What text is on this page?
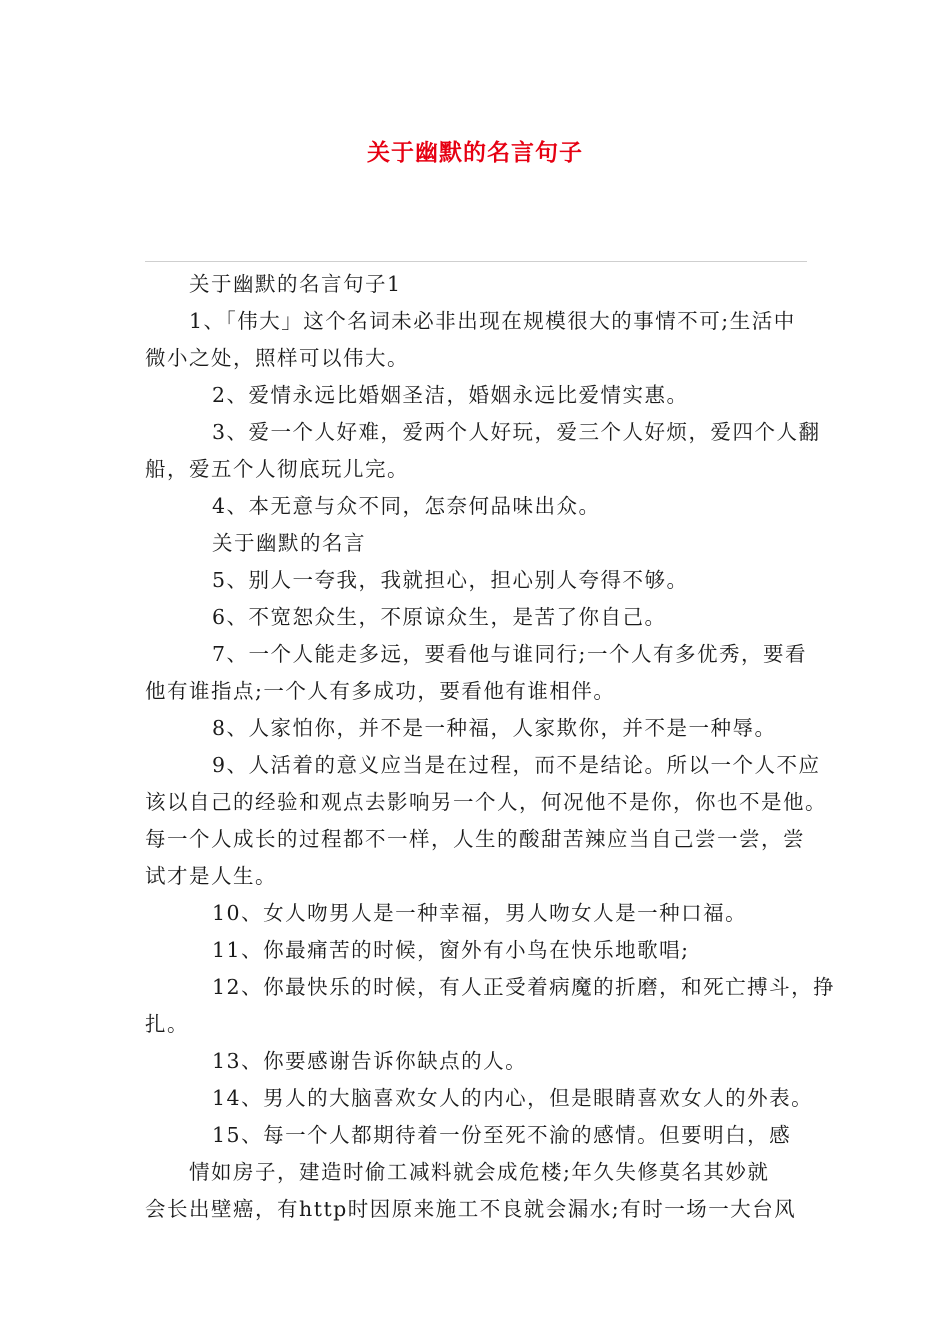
关于幽默的名言句子
关于幽默的名言句子1
1、「伟大」这个名词未必非出现在规模很大的事情不可;生活中
微小之处，照样可以伟大。
2、爱情永远比婚姻圣洁，婚姻永远比爱情实惠。
3、爱一个人好难，爱两个人好玩，爱三个人好烦，爱四个人翻
船，爱五个人彻底玩儿完。
4、本无意与众不同，怎奈何品味出众。
关于幽默的名言
5、别人一夸我，我就担心，担心别人夸得不够。
6、不宽恕众生，不原谅众生，是苦了你自己。
7、一个人能走多远，要看他与谁同行;一个人有多优秀，要看
他有谁指点;一个人有多成功，要看他有谁相伴。
8、人家怕你，并不是一种福，人家欺你，并不是一种辱。
9、人活着的意义应当是在过程，而不是结论。所以一个人不应
该以自己的经验和观点去影响另一个人，何况他不是你，你也不是他。
每一个人成长的过程都不一样，人生的酸甜苦辣应当自己尝一尝，尝
试才是人生。
10、女人吻男人是一种幸福，男人吻女人是一种口福。
11、你最痛苦的时候，窗外有小鸟在快乐地歌唱;
12、你最快乐的时候，有人正受着病魔的折磨，和死亡搏斗，挣
扎。
13、你要感谢告诉你缺点的人。
14、男人的大脑喜欢女人的内心，但是眼睛喜欢女人的外表。
15、每一个人都期待着一份至死不渝的感情。但要明白，感
情如房子，建造时偷工减料就会成危楼;年久失修莫名其妙就
会长出壁癌，有http时因原来施工不良就会漏水;有时一场一大台风
